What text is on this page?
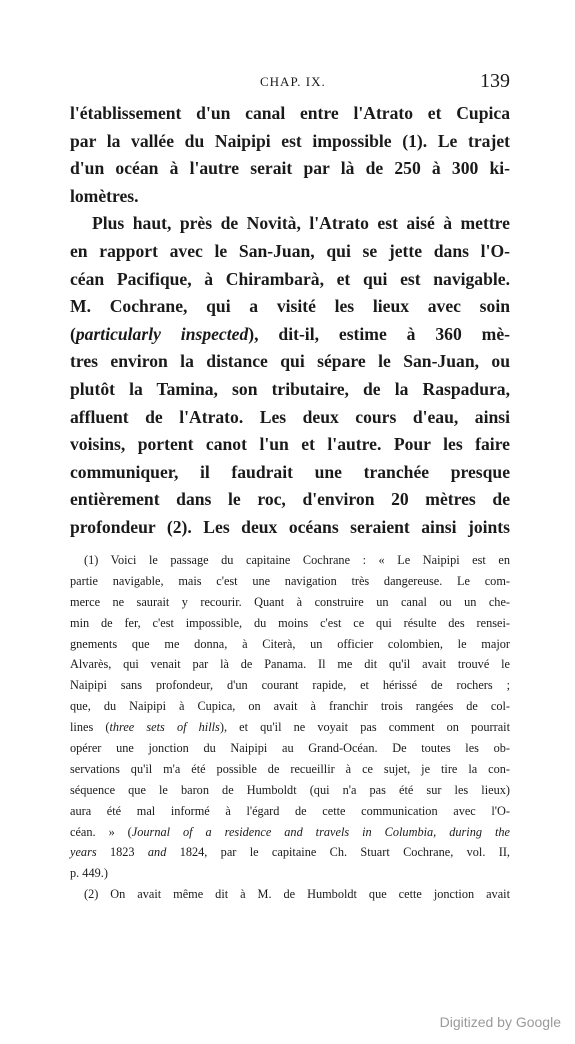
CHAP. IX.	139
l'établissement d'un canal entre l'Atrato et Cupica
par la vallée du Naipipi est impossible (1). Le trajet
d'un océan à l'autre serait par là de 250 à 300 ki-
lomètres.
Plus haut, près de Novità, l'Atrato est aisé à mettre
en rapport avec le San-Juan, qui se jette dans l'O-
céan Pacifique, à Chirambarà, et qui est navigable.
M. Cochrane, qui a visité les lieux avec soin
(particularly inspected), dit-il, estime à 360 mè-
tres environ la distance qui sépare le San-Juan, ou
plutôt la Tamina, son tributaire, de la Raspadura,
affluent de l'Atrato. Les deux cours d'eau, ainsi
voisins, portent canot l'un et l'autre. Pour les faire
communiquer, il faudrait une tranchée presque
entièrement dans le roc, d'environ 20 mètres de
profondeur (2). Les deux océans seraient ainsi joints
(1) Voici le passage du capitaine Cochrane : « Le Naipipi est en
partie navigable, mais c'est une navigation très dangereuse. Le com-
merce ne saurait y recourir. Quant à construire un canal ou un che-
min de fer, c'est impossible, du moins c'est ce qui résulte des rensei-
gnements que me donna, à Citerà, un officier colombien, le major
Alvarès, qui venait par là de Panama. Il me dit qu'il avait trouvé le
Naipipi sans profondeur, d'un courant rapide, et hérissé de rochers ;
que, du Naipipi à Cupica, on avait à franchir trois rangées de col-
lines (three sets of hills), et qu'il ne voyait pas comment on pourrait
opérer une jonction du Naipipi au Grand-Océan. De toutes les ob-
servations qu'il m'a été possible de recueillir à ce sujet, je tire la con-
séquence que le baron de Humboldt (qui n'a pas été sur les lieux)
aura été mal informé à l'égard de cette communication avec l'O-
céan. » (Journal of a residence and travels in Columbia, during the
years 1823 and 1824, par le capitaine Ch. Stuart Cochrane, vol. II,
p. 449.)
(2) On avait même dit à M. de Humboldt que cette jonction avait
Digitized by Google
